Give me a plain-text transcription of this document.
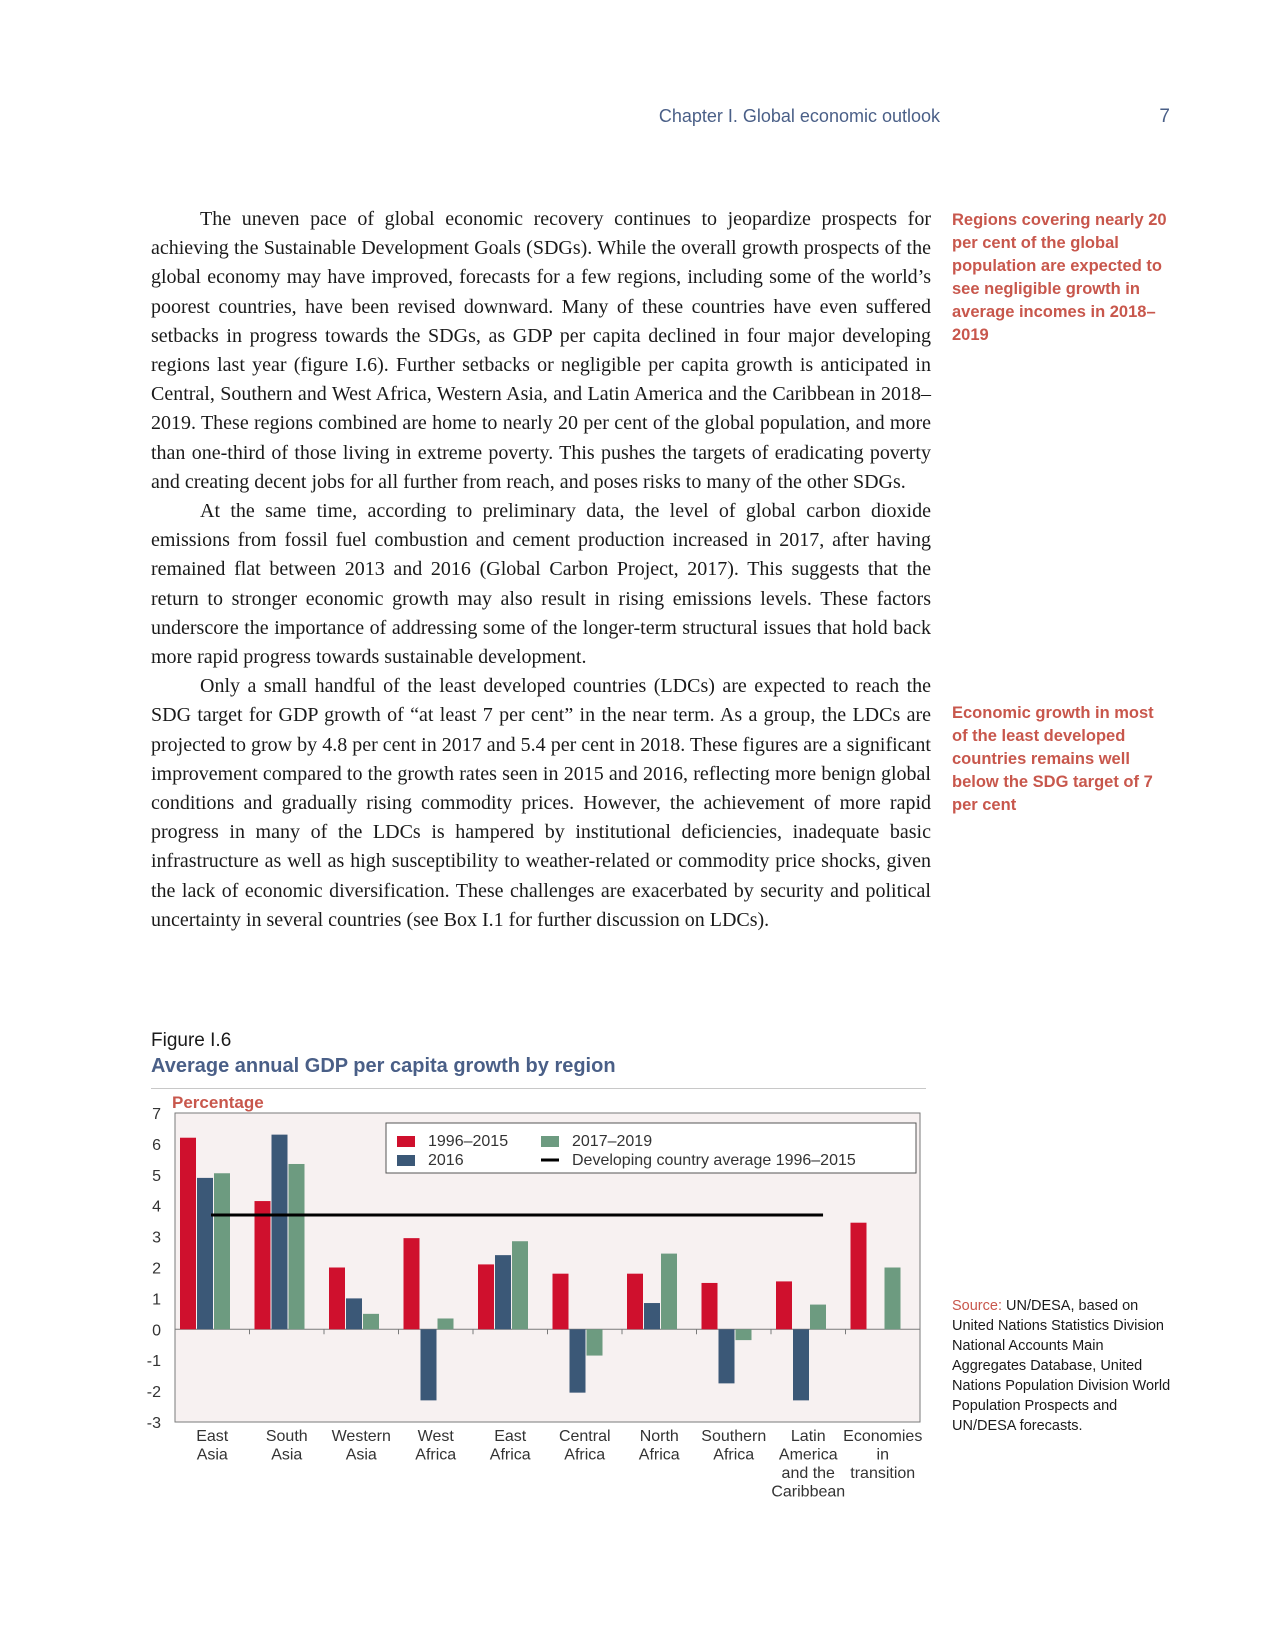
Chapter I. Global economic outlook	7

The uneven pace of global economic recovery continues to jeopardize prospects for achieving the Sustainable Development Goals (SDGs). While the overall growth prospects of the global economy may have improved, forecasts for a few regions, including some of the world’s poorest countries, have been revised downward. Many of these countries have even suffered setbacks in progress towards the SDGs, as GDP per capita declined in four major developing regions last year (figure I.6). Further setbacks or negligible per capita growth is anticipated in Central, Southern and West Africa, Western Asia, and Latin America and the Caribbean in 2018–2019. These regions combined are home to nearly 20 per cent of the global population, and more than one-third of those living in extreme poverty. This pushes the targets of eradicating poverty and creating decent jobs for all further from reach, and poses risks to many of the other SDGs.

At the same time, according to preliminary data, the level of global carbon dioxide emissions from fossil fuel combustion and cement production increased in 2017, after having remained flat between 2013 and 2016 (Global Carbon Project, 2017). This suggests that the return to stronger economic growth may also result in rising emissions levels. These factors underscore the importance of addressing some of the longer-term structural issues that hold back more rapid progress towards sustainable development.

Only a small handful of the least developed countries (LDCs) are expected to reach the SDG target for GDP growth of “at least 7 per cent” in the near term. As a group, the LDCs are projected to grow by 4.8 per cent in 2017 and 5.4 per cent in 2018. These figures are a significant improvement compared to the growth rates seen in 2015 and 2016, reflecting more benign global conditions and gradually rising commodity prices. However, the achievement of more rapid progress in many of the LDCs is hampered by institutional deficiencies, inadequate basic infrastructure as well as high susceptibility to weather-related or commodity price shocks, given the lack of economic diversification. These challenges are exacerbated by security and political uncertainty in several countries (see Box I.1 for further discussion on LDCs).

Regions covering nearly 20 per cent of the global population are expected to see negligible growth in average incomes in 2018–2019
Economic growth in most of the least developed countries remains well below the SDG target of 7 per cent
Source: UN/DESA, based on United Nations Statistics Division National Accounts Main Aggregates Database, United Nations Population Division World Population Prospects and UN/DESA forecasts.
Figure I.6
Average annual GDP per capita growth by region
7
6
5
4
3
2
1
0
-1
-2
-3
Percentage
East
Asia
South
Asia
Western
Asia
West
Africa
East
Africa
Central
Africa
North
Africa
Southern
Africa
Latin
America
and the
Caribbean
Economies
in
transition
1996–2015
2016
2017–2019
Developing country average 1996–2015
